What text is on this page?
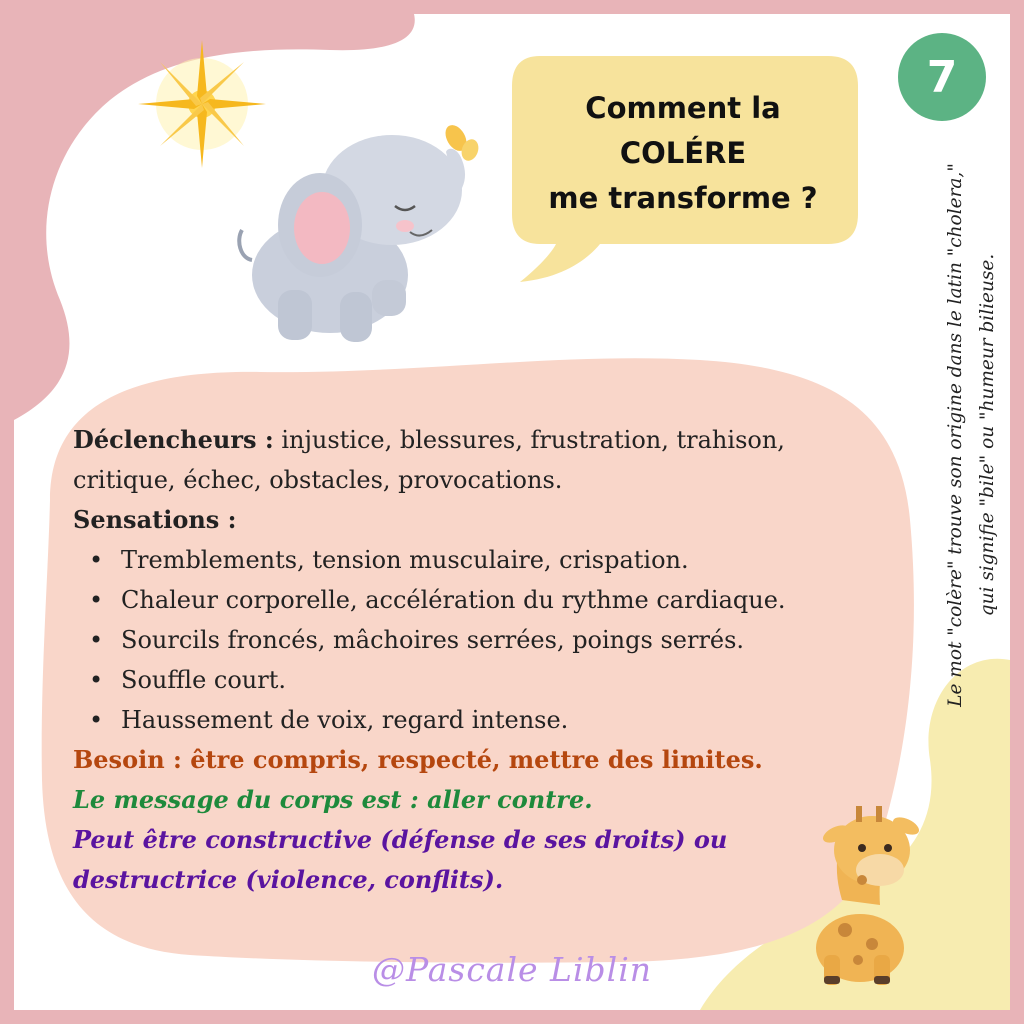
7
Comment la
COLÉRE
me transforme ?	Le mot "colère" trouve son origine dans le latin "cholera," qui signifie "bile" ou "humeur bilieuse.
Déclencheurs : injustice, blessures, frustration, trahison, critique, échec, obstacles, provocations.
Sensations :
• Tremblements, tension musculaire, crispation.
• Chaleur corporelle, accélération du rythme cardiaque.
• Sourcils froncés, mâchoires serrées, poings serrés.
• Souffle court.
• Haussement de voix, regard intense.
Besoin : être compris, respecté, mettre des limites.
Le message du corps est : aller contre.
Peut être constructive (défense de ses droits) ou
destructrice (violence, conflits).
@Pascale Liblin
